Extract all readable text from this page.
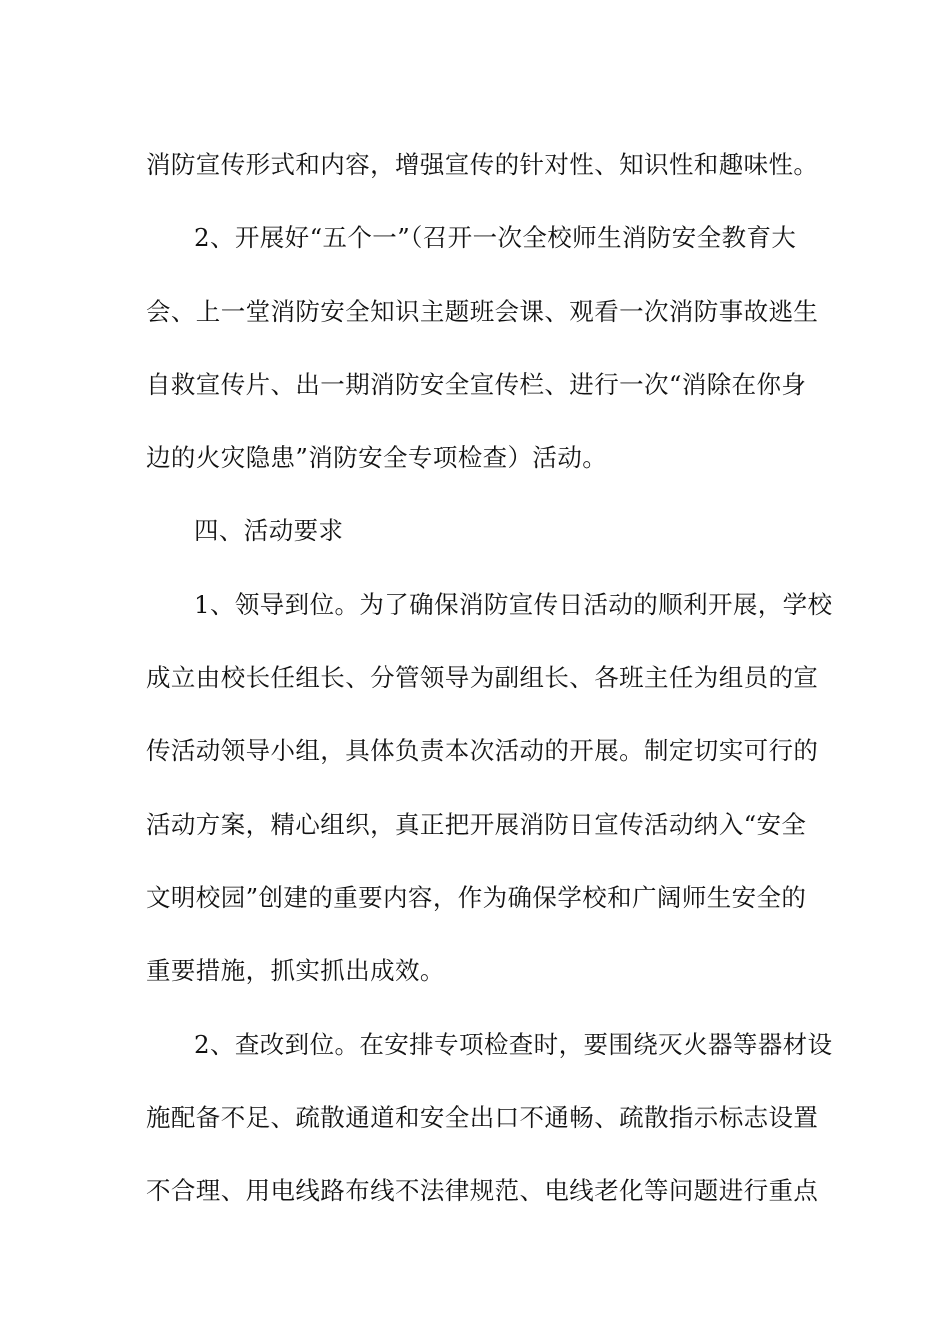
消防宣传形式和内容，增强宣传的针对性、知识性和趣味性。
2、开展好“五个一”（召开一次全校师生消防安全教育大
会、上一堂消防安全知识主题班会课、观看一次消防事故逃生
自救宣传片、出一期消防安全宣传栏、进行一次“消除在你身
边的火灾隐患”消防安全专项检查）活动。
四、活动要求
1、领导到位。为了确保消防宣传日活动的顺利开展，学校
成立由校长任组长、分管领导为副组长、各班主任为组员的宣
传活动领导小组，具体负责本次活动的开展。制定切实可行的
活动方案，精心组织，真正把开展消防日宣传活动纳入“安全
文明校园”创建的重要内容，作为确保学校和广阔师生安全的
重要措施，抓实抓出成效。
2、查改到位。在安排专项检查时，要围绕灭火器等器材设
施配备不足、疏散通道和安全出口不通畅、疏散指示标志设置
不合理、用电线路布线不法律规范、电线老化等问题进行重点
